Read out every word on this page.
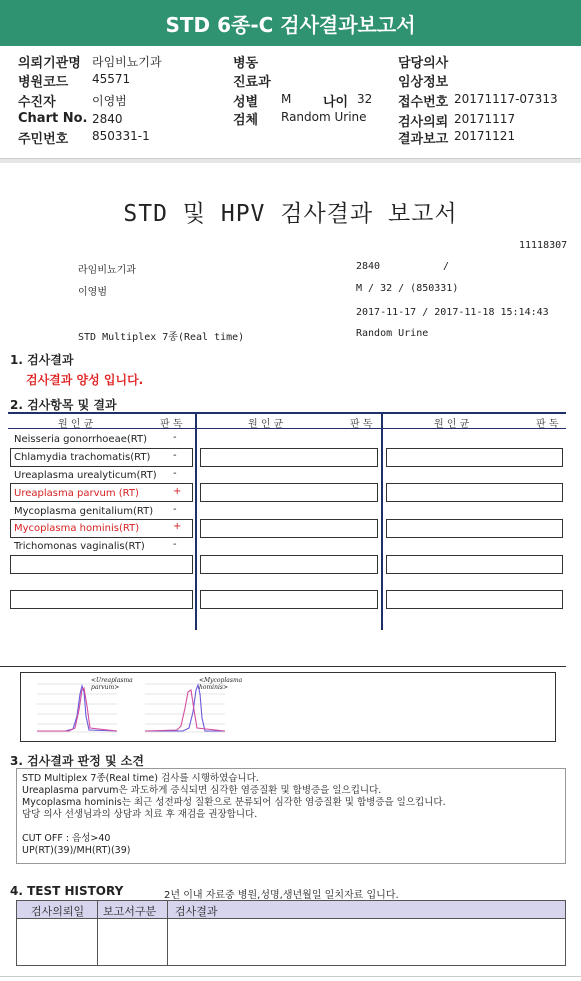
STD 6종-C 검사결과보고서
의뢰기관명 라임비뇨기과	병동	담당의사
병원코드 45571	진료과	임상정보
수진자	이영범	성별 M 나이 32 접수번호 20171117-07313
Chart No. 2840	검체 Random Urine 검사의뢰 20171117
주민번호 850331-1	결과보고 20171121
STD 및 HPV 검사결과 보고서
11118307
라임비뇨기과	2840	/
이영범	M / 32 / (850331)
2017-11-17 / 2017-11-18 15:14:43
STD Multiplex 7종(Real time)	Random Urine
1. 검사결과
검사결과 양성 입니다.
2. 검사항목 및 결과
원 인 균	판 독	원 인 균	판 독	원 인 균	판 독
Neisseria gonorrhoeae(RT)	-
Chlamydia trachomatis(RT) -
Ureaplasma urealyticum(RT) -
Ureaplasma parvum (RT)	+
Mycoplasma genitalium(RT) -
Mycoplasma hominis(RT)	+
Trichomonas vaginalis(RT)	-
<Ureaplasma
parvum>
<Mycoplasma
hominis>
3. 검사결과 판정 및 소견
STD Multiplex 7종(Real time) 검사를 시행하였습니다.
Ureaplasma parvum은 과도하게 증식되면 심각한 염증질환 및 합병증을 일으킵니다.
Mycoplasma hominis는 최근 성전파성 질환으로 분류되어 심각한 염증질환 및 합병증을 일으킵니다.
담당 의사 선생님과의 상담과 치료 후 재검을 권장합니다.

CUT OFF : 음성>40
UP(RT)(39)/MH(RT)(39)
4. TEST HISTORY	2년 이내 자료중 병원,성명,생년월일 일치자료 입니다.
검사의뢰일 보고서구분 검사결과
